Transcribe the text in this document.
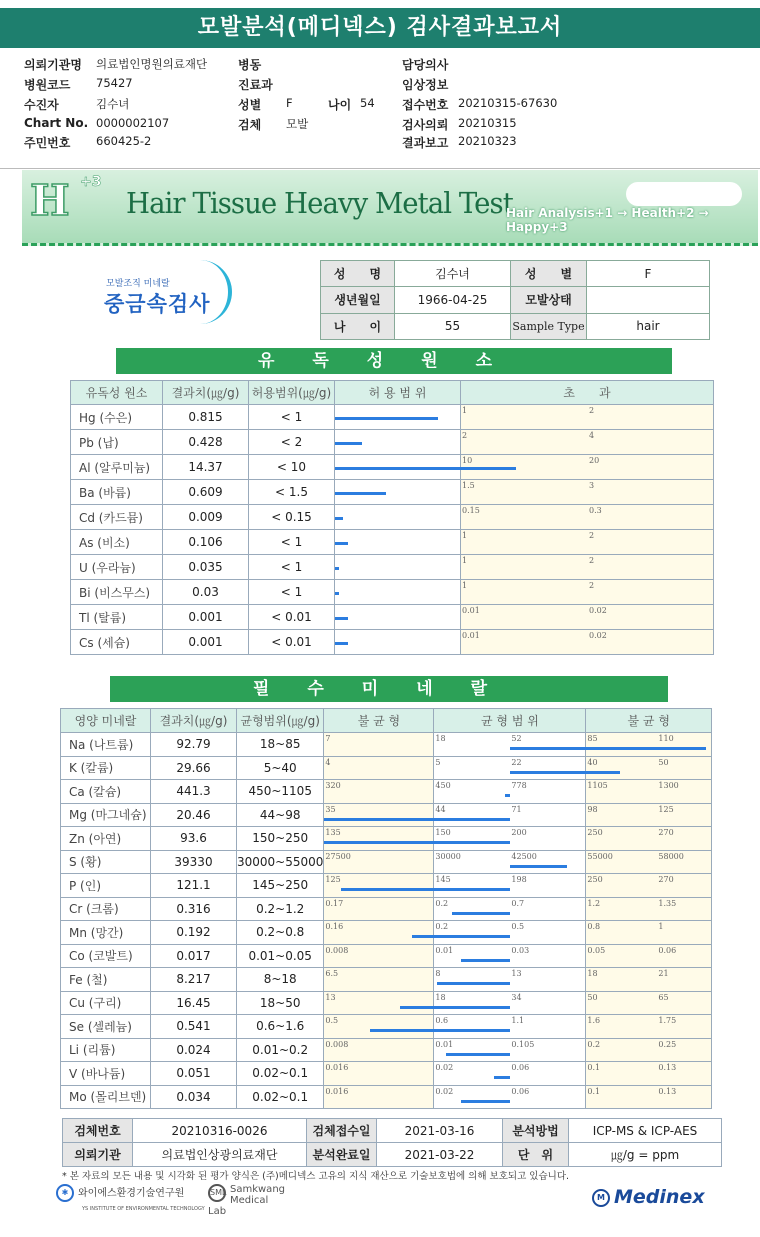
모발분석(메디넥스) 검사결과보고서
의뢰기관명 의료법인명원의료재단	병동	담당의사
병원코드 75427	진료과	임상정보
수진자	김수녀	성별 F	나이 54 접수번호 20210315-67630
Chart No. 0000002107	검체 모발	검사의뢰 20210315
주민번호 660425-2	결과보고 20210323
H +3
Hair Tissue Heavy Metal Test
Hair Analysis+1 → Health+2 → Happy+3
모발조직 미네랄
중금속검사
성　　명	김수녀	성　　별	F
생년월일	1966-04-25	모발상태	
나　　이	55	Sample Type	hair
유독성원소
유독성 원소	결과치(㎍/g)	허용범위(㎍/g)	허 용 범 위	초　　과
Hg (수은)	0.815	< 1		1 2

Pb (납)	0.428	< 2		2 4

Al (알루미늄)	14.37	< 10		10 20

Ba (바륨)	0.609	< 1.5		1.5 3

Cd (카드뮴)	0.009	< 0.15		0.15 0.3

As (비소)	0.106	< 1		1 2

U (우라늄)	0.035	< 1		1 2

Bi (비스무스)	0.03	< 1		1 2

Tl (탈륨)	0.001	< 0.01		0.01 0.02

Cs (세슘)	0.001	< 0.01		0.01 0.02
필수미네랄
영양 미네랄	결과치(㎍/g)	균형범위(㎍/g)	불 균 형	균 형 범 위	불 균 형
Na (나트륨)	92.79	18~85	7	18 52	85 110

K (칼륨)	29.66	5~40	4	5 22	40 50

Ca (칼슘)	441.3	450~1105	320	450 778	1105 1300

Mg (마그네슘)	20.46	44~98	35	44 71	98 125

Zn (아연)	93.6	150~250	135	150 200	250 270

S (황)	39330	30000~55000	27500	30000 42500	55000 58000

P (인)	121.1	145~250	125	145 198	250 270

Cr (크롬)	0.316	0.2~1.2	0.17	0.2 0.7	1.2 1.35

Mn (망간)	0.192	0.2~0.8	0.16	0.2 0.5	0.8 1

Co (코발트)	0.017	0.01~0.05	0.008	0.01 0.03	0.05 0.06

Fe (철)	8.217	8~18	6.5	8 13	18 21

Cu (구리)	16.45	18~50	13	18 34	50 65

Se (셀레늄)	0.541	0.6~1.6	0.5	0.6 1.1	1.6 1.75

Li (리튬)	0.024	0.01~0.2	0.008	0.01 0.105	0.2 0.25

V (바나듐)	0.051	0.02~0.1	0.016	0.02 0.06	0.1 0.13

Mo (몰리브덴)	0.034	0.02~0.1	0.016	0.02 0.06	0.1 0.13
검체번호	20210316-0026	검체접수일	2021-03-16	분석방법	ICP-MS & ICP-AES
의뢰기관	의료법인상광의료재단	분석완료일	2021-03-22	단　위	㎍/g = ppm
* 본 자료의 모든 내용 및 시각화 된 평가 양식은 (주)메디넥스 고유의 지식 재산으로 기술보호법에 의해 보호되고 있습니다.
✱ 와이에스환경기술연구원
YS INSTITUTE OF ENVIRONMENTAL TECHNOLOGY
SML Samkwang
Medical Lab
M Medinex
